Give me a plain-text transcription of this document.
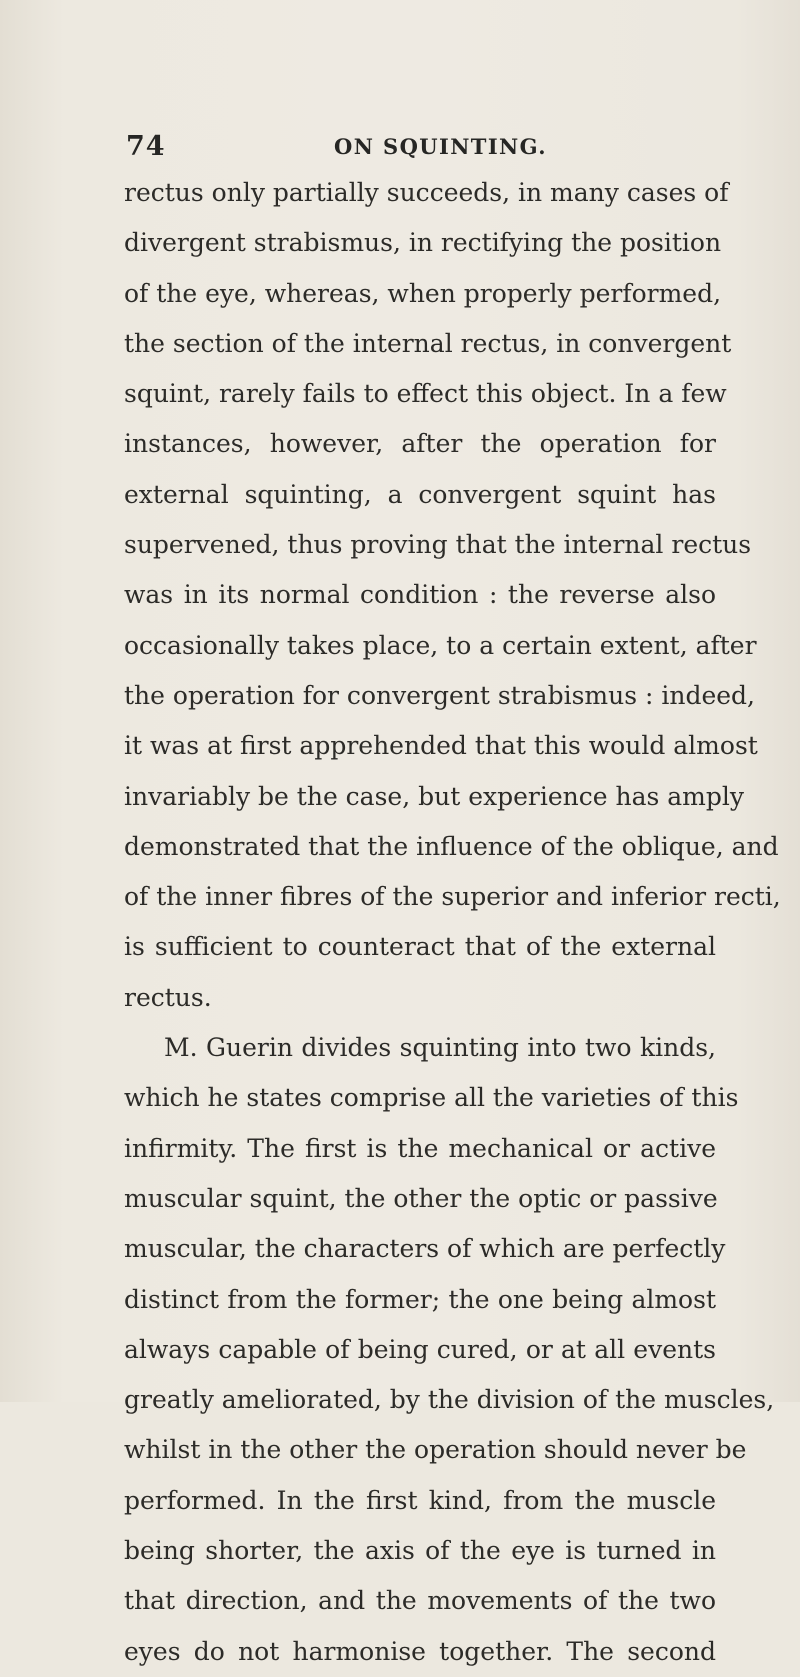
74	ON SQUINTING.
rectus only partially succeeds, in many cases of
divergent strabismus, in rectifying the position
of the eye, whereas, when properly performed,
the section of the internal rectus, in convergent
squint, rarely fails to effect this object. In a few
instances, however, after the operation for
external squinting, a convergent squint has
supervened, thus proving that the internal rectus
was in its normal condition : the reverse also
occasionally takes place, to a certain extent, after
the operation for convergent strabismus : indeed,
it was at first apprehended that this would almost
invariably be the case, but experience has amply
demonstrated that the influence of the oblique, and
of the inner fibres of the superior and inferior recti,
is sufficient to counteract that of the external
rectus.
M. Guerin divides squinting into two kinds,
which he states comprise all the varieties of this
infirmity. The first is the mechanical or active
muscular squint, the other the optic or passive
muscular, the characters of which are perfectly
distinct from the former; the one being almost
always capable of being cured, or at all events
greatly ameliorated, by the division of the muscles,
whilst in the other the operation should never be
performed. In the first kind, from the muscle
being shorter, the axis of the eye is turned in
that direction, and the movements of the two
eyes do not harmonise together. The second
